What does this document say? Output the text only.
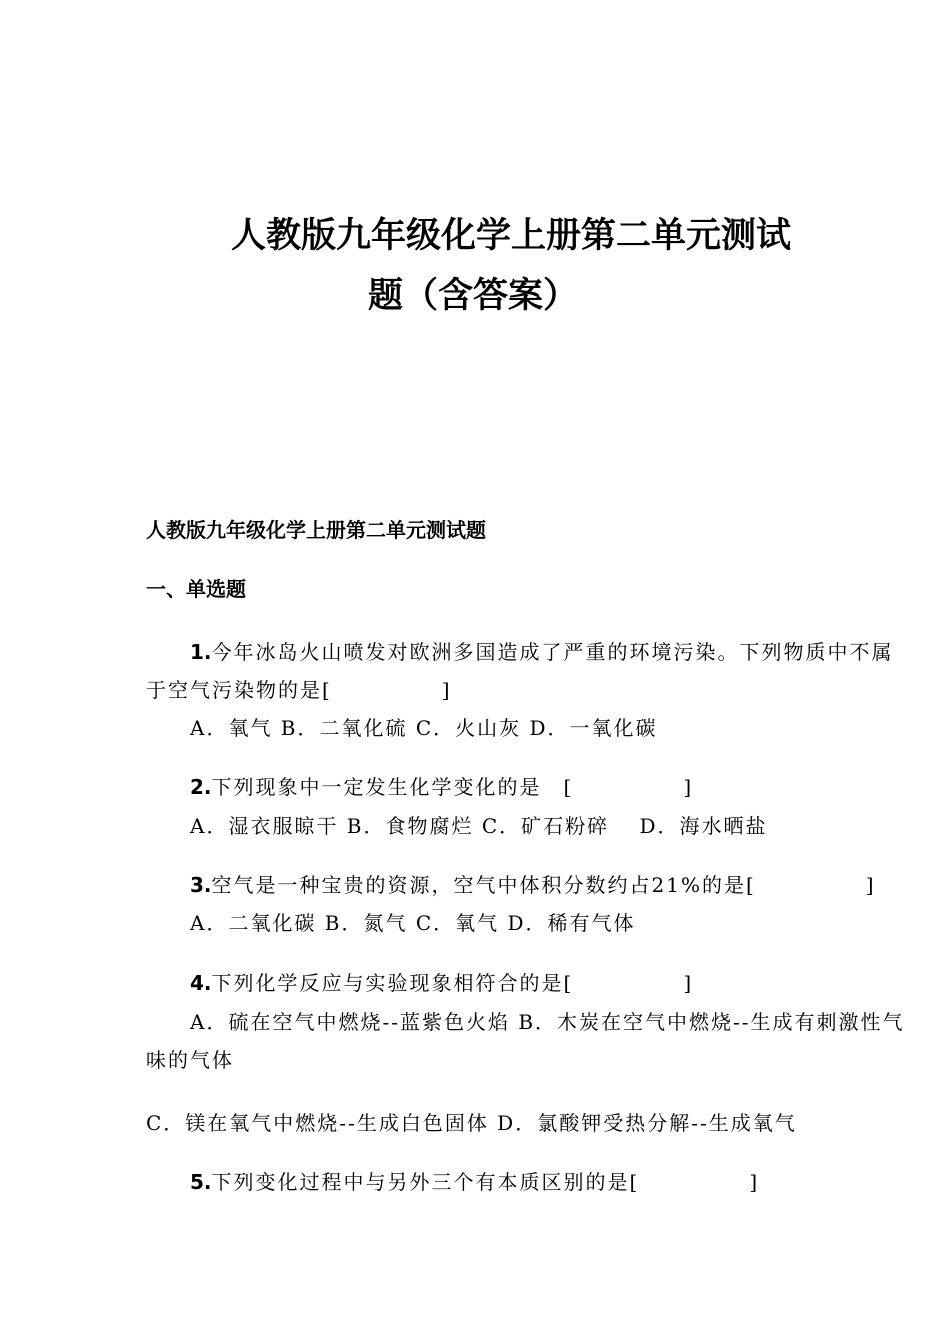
人教版九年级化学上册第二单元测试
题（含答案）
人教版九年级化学上册第二单元测试题
一、单选题
1.今年冰岛火山喷发对欧洲多国造成了严重的环境污染。下列物质中不属
于空气污染物的是[　　　　　]
A．氧气 B．二氧化硫 C．火山灰 D．一氧化碳
2.下列现象中一定发生化学变化的是　[　　　　　]
A．湿衣服晾干 B．食物腐烂 C．矿石粉碎　 D．海水晒盐
3.空气是一种宝贵的资源，空气中体积分数约占21%的是[　　　　　]
A．二氧化碳 B．氮气 C．氧气 D．稀有气体
4.下列化学反应与实验现象相符合的是[　　　　　]
A．硫在空气中燃烧--蓝紫色火焰 B．木炭在空气中燃烧--生成有刺激性气
味的气体
C．镁在氧气中燃烧--生成白色固体 D．氯酸钾受热分解--生成氧气
5.下列变化过程中与另外三个有本质区别的是[　　　　　]
